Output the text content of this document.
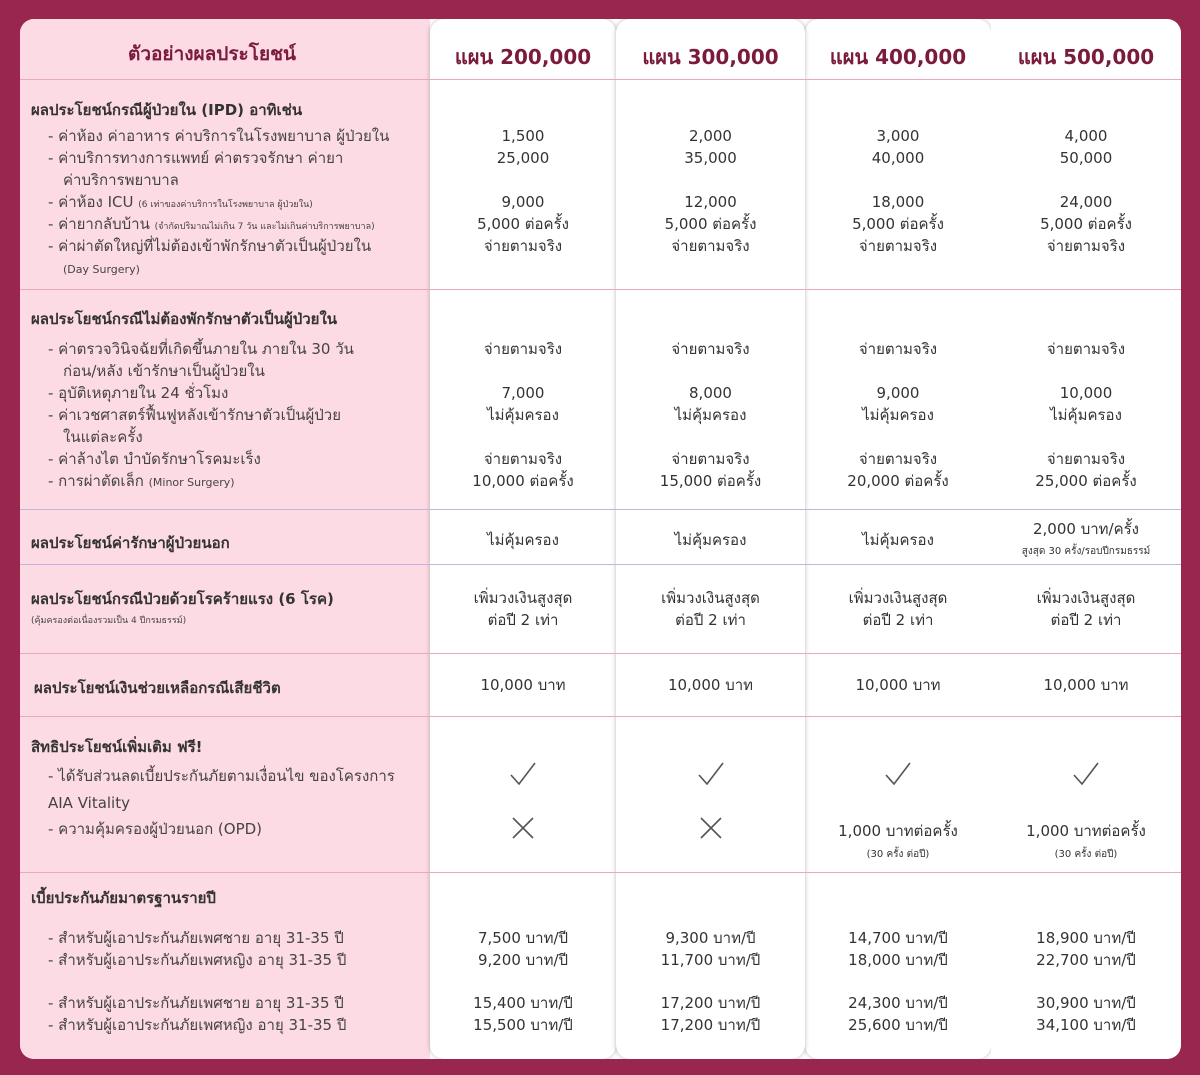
ตัวอย่างผลประโยชน์
ผลประโยชน์กรณีผู้ป่วยใน (IPD) อาทิเช่น
- ค่าห้อง ค่าอาหาร ค่าบริการในโรงพยาบาล ผู้ป่วยใน
- ค่าบริการทางการแพทย์ ค่าตรวจรักษา ค่ายา
ค่าบริการพยาบาล
- ค่าห้อง ICU (6 เท่าของค่าบริการในโรงพยาบาล ผู้ป่วยใน)
- ค่ายากลับบ้าน (จำกัดปริมาณไม่เกิน 7 วัน และไม่เกินค่าบริการพยาบาล)
- ค่าผ่าตัดใหญ่ที่ไม่ต้องเข้าพักรักษาตัวเป็นผู้ป่วยใน
(Day Surgery)
ผลประโยชน์กรณีไม่ต้องพักรักษาตัวเป็นผู้ป่วยใน
- ค่าตรวจวินิจฉัยที่เกิดขึ้นภายใน ภายใน 30 วัน
ก่อน/หลัง เข้ารักษาเป็นผู้ป่วยใน
- อุบัติเหตุภายใน 24 ชั่วโมง
- ค่าเวชศาสตร์ฟื้นฟูหลังเข้ารักษาตัวเป็นผู้ป่วย
ในแต่ละครั้ง
- ค่าล้างไต บำบัดรักษาโรคมะเร็ง
- การผ่าตัดเล็ก (Minor Surgery)
ผลประโยชน์ค่ารักษาผู้ป่วยนอก
ผลประโยชน์กรณีป่วยด้วยโรคร้ายแรง (6 โรค)
(คุ้มครองต่อเนื่องรวมเป็น 4 ปีกรมธรรม์)
ผลประโยชน์เงินช่วยเหลือกรณีเสียชีวิต
สิทธิประโยชน์เพิ่มเติม ฟรี!
- ได้รับส่วนลดเบี้ยประกันภัยตามเงื่อนไข ของโครงการ
AIA Vitality
- ความคุ้มครองผู้ป่วยนอก (OPD)
เบี้ยประกันภัยมาตรฐานรายปี
- สำหรับผู้เอาประกันภัยเพศชาย อายุ 31-35 ปี
- สำหรับผู้เอาประกันภัยเพศหญิง อายุ 31-35 ปี
- สำหรับผู้เอาประกันภัยเพศชาย อายุ 31-35 ปี
- สำหรับผู้เอาประกันภัยเพศหญิง อายุ 31-35 ปี
แผน 200,000
1,500
25,000
9,000
5,000 ต่อครั้ง
จ่ายตามจริง
จ่ายตามจริง
7,000
ไม่คุ้มครอง
จ่ายตามจริง
10,000 ต่อครั้ง
ไม่คุ้มครอง
เพิ่มวงเงินสูงสุด
ต่อปี 2 เท่า
10,000 บาท
7,500 บาท/ปี
9,200 บาท/ปี
15,400 บาท/ปี
15,500 บาท/ปี
แผน 300,000
2,000
35,000
12,000
5,000 ต่อครั้ง
จ่ายตามจริง
จ่ายตามจริง
8,000
ไม่คุ้มครอง
จ่ายตามจริง
15,000 ต่อครั้ง
ไม่คุ้มครอง
เพิ่มวงเงินสูงสุด
ต่อปี 2 เท่า
10,000 บาท
9,300 บาท/ปี
11,700 บาท/ปี
17,200 บาท/ปี
17,200 บาท/ปี
แผน 400,000
3,000
40,000
18,000
5,000 ต่อครั้ง
จ่ายตามจริง
จ่ายตามจริง
9,000
ไม่คุ้มครอง
จ่ายตามจริง
20,000 ต่อครั้ง
ไม่คุ้มครอง
เพิ่มวงเงินสูงสุด
ต่อปี 2 เท่า
10,000 บาท
1,000 บาทต่อครั้ง
(30 ครั้ง ต่อปี)
14,700 บาท/ปี
18,000 บาท/ปี
24,300 บาท/ปี
25,600 บาท/ปี
แผน 500,000
4,000
50,000
24,000
5,000 ต่อครั้ง
จ่ายตามจริง
จ่ายตามจริง
10,000
ไม่คุ้มครอง
จ่ายตามจริง
25,000 ต่อครั้ง
2,000 บาท/ครั้ง
สูงสุด 30 ครั้ง/รอบปีกรมธรรม์
เพิ่มวงเงินสูงสุด
ต่อปี 2 เท่า
10,000 บาท
1,000 บาทต่อครั้ง
(30 ครั้ง ต่อปี)
18,900 บาท/ปี
22,700 บาท/ปี
30,900 บาท/ปี
34,100 บาท/ปี
